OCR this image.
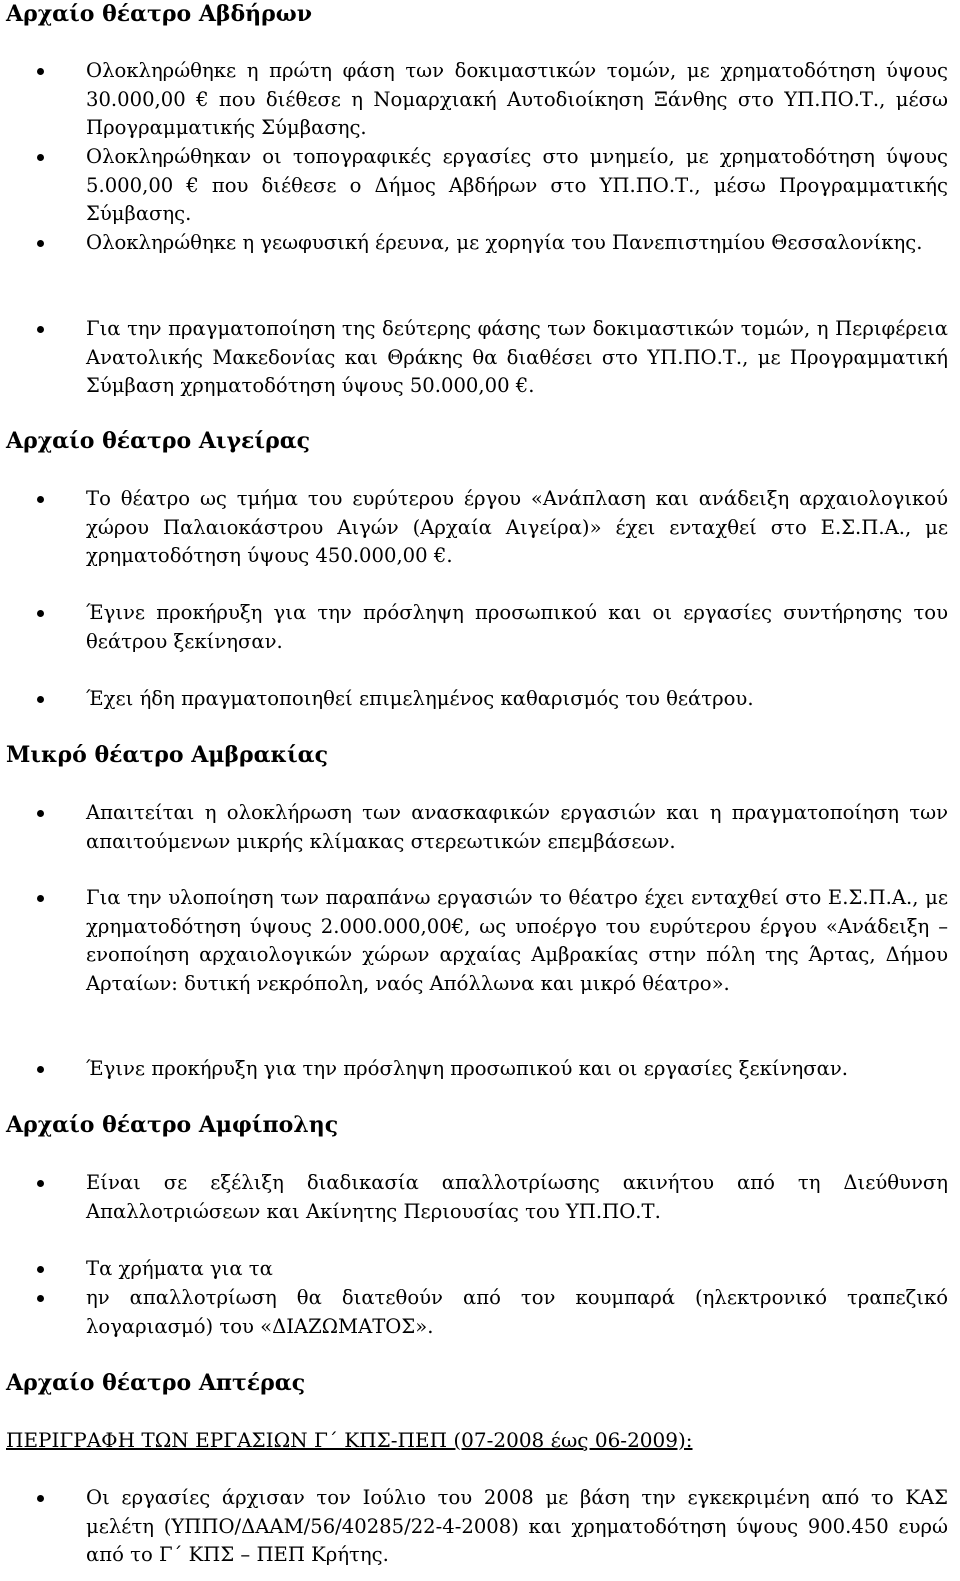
Αρχαίο θέατρο Αβδήρων

Ολοκληρώθηκε η πρώτη φάση των δοκιμαστικών τομών, με χρηματοδότηση ύψους 30.000,00 € που διέθεσε η Νομαρχιακή Αυτοδιοίκηση Ξάνθης στο ΥΠ.ΠΟ.Τ., μέσω Προγραμματικής Σύμβασης.

Ολοκληρώθηκαν οι τοπογραφικές εργασίες στο μνημείο, με χρηματοδότηση ύψους 5.000,00 € που διέθεσε ο Δήμος Αβδήρων στο ΥΠ.ΠΟ.Τ., μέσω Προγραμματικής Σύμβασης.

Ολοκληρώθηκε η γεωφυσική έρευνα, με χορηγία του Πανεπιστημίου Θεσσαλονίκης.

Για την πραγματοποίηση της δεύτερης φάσης των δοκιμαστικών τομών, η Περιφέρεια Ανατολικής Μακεδονίας και Θράκης θα διαθέσει στο ΥΠ.ΠΟ.Τ., με Προγραμματική Σύμβαση χρηματοδότηση ύψους 50.000,00 €.

Αρχαίο θέατρο Αιγείρας

Το θέατρο ως τμήμα του ευρύτερου έργου «Ανάπλαση και ανάδειξη αρχαιολογικού χώρου Παλαιοκάστρου Αιγών (Αρχαία Αιγείρα)» έχει ενταχθεί στο Ε.Σ.Π.Α., με χρηματοδότηση ύψους 450.000,00 €.

Έγινε προκήρυξη για την πρόσληψη προσωπικού και οι εργασίες συντήρησης του θεάτρου ξεκίνησαν.

Έχει ήδη πραγματοποιηθεί επιμελημένος καθαρισμός του θεάτρου.

Μικρό θέατρο Αμβρακίας

Απαιτείται η ολοκλήρωση των ανασκαφικών εργασιών και η πραγματοποίηση των απαιτούμενων μικρής κλίμακας στερεωτικών επεμβάσεων.

Για την υλοποίηση των παραπάνω εργασιών το θέατρο έχει ενταχθεί στο Ε.Σ.Π.Α., με χρηματοδότηση ύψους 2.000.000,00€, ως υποέργο του ευρύτερου έργου «Ανάδειξη – ενοποίηση αρχαιολογικών χώρων αρχαίας Αμβρακίας στην πόλη της Άρτας, Δήμου Αρταίων: δυτική νεκρόπολη, ναός Απόλλωνα και μικρό θέατρο».

Έγινε προκήρυξη για την πρόσληψη προσωπικού και οι εργασίες ξεκίνησαν.

Αρχαίο θέατρο Αμφίπολης

Είναι σε εξέλιξη διαδικασία απαλλοτρίωσης ακινήτου από τη Διεύθυνση Απαλλοτριώσεων και Ακίνητης Περιουσίας του ΥΠ.ΠΟ.Τ.

Τα χρήματα για τα

ην απαλλοτρίωση θα διατεθούν από τον κουμπαρά (ηλεκτρονικό τραπεζικό λογαριασμό) του «ΔΙΑΖΩΜΑΤΟΣ».

Αρχαίο θέατρο Απτέρας
ΠΕΡΙΓΡΑΦΗ ΤΩΝ ΕΡΓΑΣΙΩΝ Γ΄ ΚΠΣ-ΠΕΠ (07-2008 έως 06-2009):

Οι εργασίες άρχισαν τον Ιούλιο του 2008 με βάση την εγκεκριμένη από το ΚΑΣ μελέτη (ΥΠΠΟ/ΔΑΑΜ/56/40285/22-4-2008) και χρηματοδότηση ύψους 900.450 ευρώ από το Γ΄ ΚΠΣ – ΠΕΠ Κρήτης.
